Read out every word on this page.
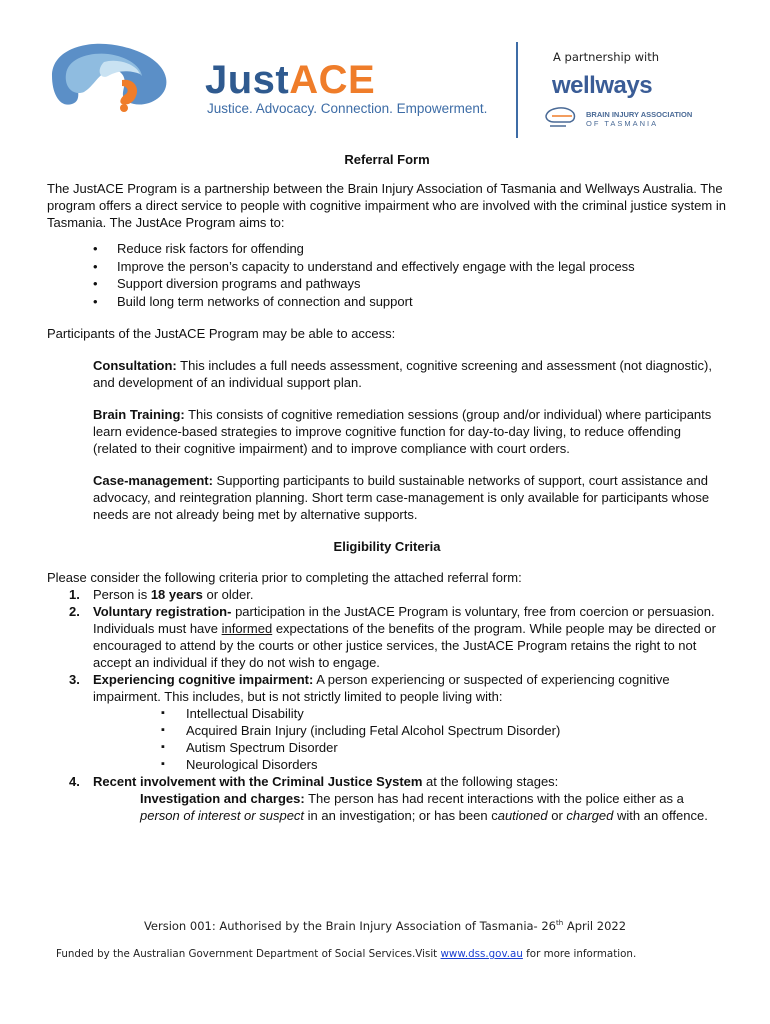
JustACE
Justice. Advocacy. Connection. Empowerment.
A partnership with
wellways
BRAIN INJURY ASSOCIATION
OF TASMANIA

Referral Form

The JustACE Program is a partnership between the Brain Injury Association of Tasmania and Wellways Australia. The program offers a direct service to people with cognitive impairment who are involved with the criminal justice system in Tasmania. The JustAce Program aims to:

• Reduce risk factors for offending
• Improve the person’s capacity to understand and effectively engage with the legal process
• Support diversion programs and pathways
• Build long term networks of connection and support

Participants of the JustACE Program may be able to access:

Consultation: This includes a full needs assessment, cognitive screening and assessment (not diagnostic), and development of an individual support plan.

Brain Training: This consists of cognitive remediation sessions (group and/or individual) where participants learn evidence-based strategies to improve cognitive function for day-to-day living, to reduce offending (related to their cognitive impairment) and to improve compliance with court orders.

Case-management: Supporting participants to build sustainable networks of support, court assistance and advocacy, and reintegration planning. Short term case-management is only available for participants whose needs are not already being met by alternative supports.

Eligibility Criteria

Please consider the following criteria prior to completing the attached referral form:

1. Person is 18 years or older.
2. Voluntary registration- participation in the JustACE Program is voluntary, free from coercion or persuasion. Individuals must have informed expectations of the benefits of the program. While people may be directed or encouraged to attend by the courts or other justice services, the JustACE Program retains the right to not accept an individual if they do not wish to engage.
3. Experiencing cognitive impairment: A person experiencing or suspected of experiencing cognitive impairment. This includes, but is not strictly limited to people living with:
▪ Intellectual Disability
▪ Acquired Brain Injury (including Fetal Alcohol Spectrum Disorder)
▪ Autism Spectrum Disorder
▪ Neurological Disorders
4. Recent involvement with the Criminal Justice System at the following stages:

Investigation and charges: The person has had recent interactions with the police either as a person of interest or suspect in an investigation; or has been cautioned or charged with an offence.

Version 001: Authorised by the Brain Injury Association of Tasmania- 26th April 2022
Funded by the Australian Government Department of Social Services.Visit www.dss.gov.au for more information.
